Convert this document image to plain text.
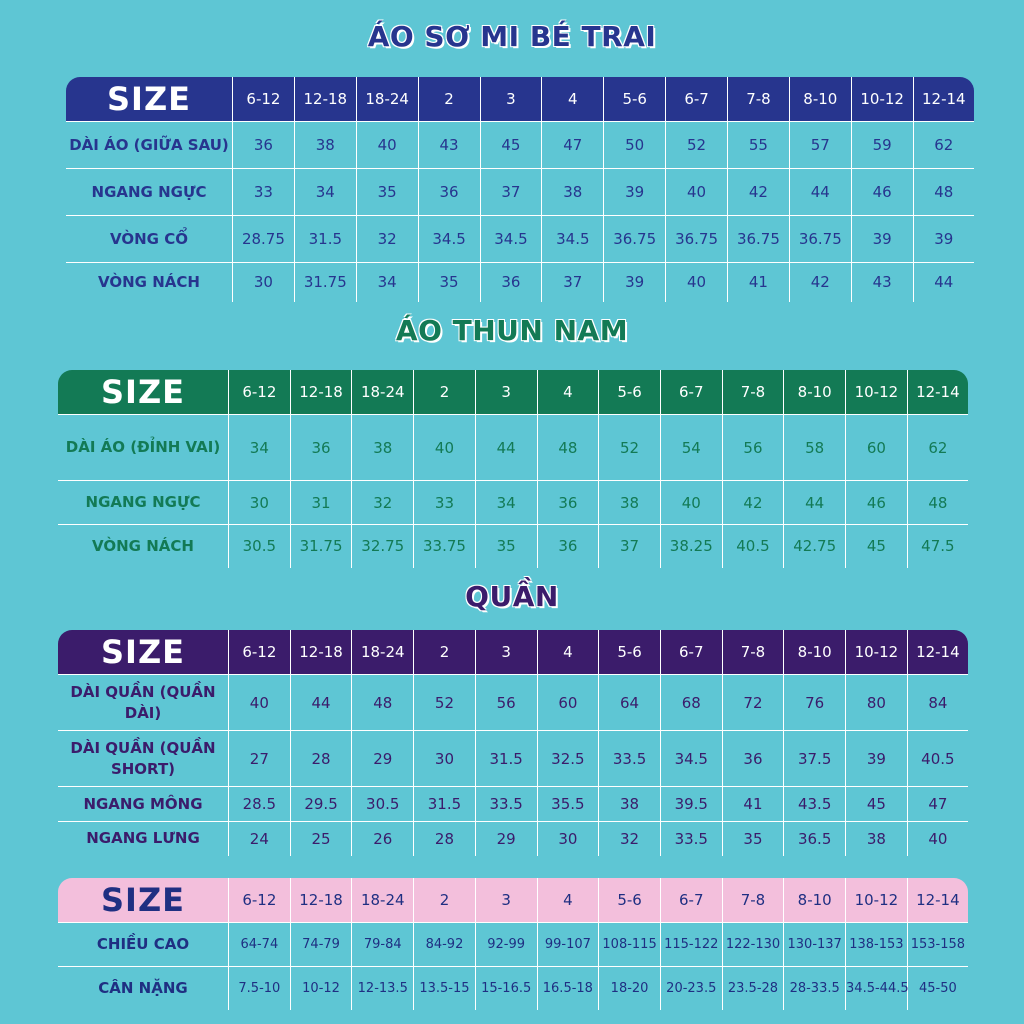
ÁO SƠ MI BÉ TRAI
SIZE	6-12	12-18	18-24	2	3	4	5-6	6-7	7-8	8-10	10-12	12-14
DÀI ÁO (GIỮA SAU)	36	38	40	43	45	47	50	52	55	57	59	62
NGANG NGỰC	33	34	35	36	37	38	39	40	42	44	46	48
VÒNG CỔ	28.75	31.5	32	34.5	34.5	34.5	36.75	36.75	36.75	36.75	39	39
VÒNG NÁCH	30	31.75	34	35	36	37	39	40	41	42	43	44
ÁO THUN NAM
SIZE	6-12	12-18	18-24	2	3	4	5-6	6-7	7-8	8-10	10-12	12-14
DÀI ÁO (ĐỈNH VAI)	34	36	38	40	44	48	52	54	56	58	60	62
NGANG NGỰC	30	31	32	33	34	36	38	40	42	44	46	48
VÒNG NÁCH	30.5	31.75	32.75	33.75	35	36	37	38.25	40.5	42.75	45	47.5
QUẦN
SIZE	6-12	12-18	18-24	2	3	4	5-6	6-7	7-8	8-10	10-12	12-14
DÀI QUẦN (QUẦN DÀI)	40	44	48	52	56	60	64	68	72	76	80	84
DÀI QUẦN (QUẦN SHORT)	27	28	29	30	31.5	32.5	33.5	34.5	36	37.5	39	40.5
NGANG MÔNG	28.5	29.5	30.5	31.5	33.5	35.5	38	39.5	41	43.5	45	47
NGANG LƯNG	24	25	26	28	29	30	32	33.5	35	36.5	38	40
SIZE	6-12	12-18	18-24	2	3	4	5-6	6-7	7-8	8-10	10-12	12-14
CHIỀU CAO	64-74	74-79	79-84	84-92	92-99	99-107	108-115	115-122	122-130	130-137	138-153	153-158
CÂN NẶNG	7.5-10	10-12	12-13.5	13.5-15	15-16.5	16.5-18	18-20	20-23.5	23.5-28	28-33.5	34.5-44.5	45-50
